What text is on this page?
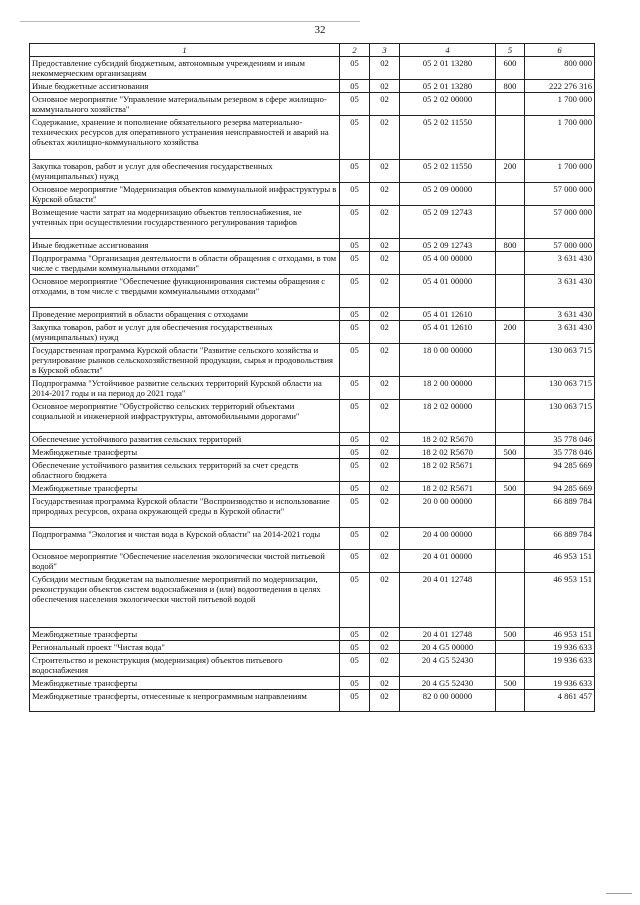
32
1	2	3	4	5	6
Предоставление субсидий бюджетным, автономным учреждениям и иным некоммерческим организациям	05	02	05 2 01 13280	600	800 000
Иные бюджетные ассигнования	05	02	05 2 01 13280	800	222 276 316
Основное мероприятие "Управление материальным резервом в сфере жилищно-коммунального хозяйства"	05	02	05 2 02 00000		1 700 000
Содержание, хранение и пополнение обязательного резерва материально-технических ресурсов для оперативного устранения неисправностей и аварий на объектах жилищно-коммунального хозяйства	05	02	05 2 02 11550		1 700 000
Закупка товаров, работ и услуг для обеспечения государственных (муниципальных) нужд	05	02	05 2 02 11550	200	1 700 000
Основное мероприятие "Модернизация объектов коммунальной инфраструктуры в Курской области"	05	02	05 2 09 00000		57 000 000
Возмещение части затрат на модернизацию объектов теплоснабжения, не учтенных при осуществлении государственного регулирования тарифов	05	02	05 2 09 12743		57 000 000
Иные бюджетные ассигнования	05	02	05 2 09 12743	800	57 000 000
Подпрограмма "Организация деятельности в области обращения с отходами, в том числе с твердыми коммунальными отходами"	05	02	05 4 00 00000		3 631 430
Основное мероприятие "Обеспечение функционирования системы обращения с отходами, в том числе с твердыми коммунальными отходами"	05	02	05 4 01 00000		3 631 430
Проведение мероприятий в области обращения с отходами	05	02	05 4 01 12610		3 631 430
Закупка товаров, работ и услуг для обеспечения государственных (муниципальных) нужд	05	02	05 4 01 12610	200	3 631 430
Государственная программа Курской области "Развитие сельского хозяйства и регулирование рынков сельскохозяйственной продукции, сырья и продовольствия в Курской области"	05	02	18 0 00 00000		130 063 715
Подпрограмма "Устойчивое развитие сельских территорий Курской области на 2014-2017 годы и на период до 2021 года"	05	02	18 2 00 00000		130 063 715
Основное мероприятие "Обустройство сельских территорий объектами социальной и инженерной инфраструктуры, автомобильными дорогами"	05	02	18 2 02 00000		130 063 715
Обеспечение устойчивого развития сельских территорий	05	02	18 2 02 R5670		35 778 046
Межбюджетные трансферты	05	02	18 2 02 R5670	500	35 778 046
Обеспечение устойчивого развития сельских территорий за счет средств областного бюджета	05	02	18 2 02 R5671		94 285 669
Межбюджетные трансферты	05	02	18 2 02 R5671	500	94 285 669
Государственная программа Курской области "Воспроизводство и использование природных ресурсов, охрана окружающей среды в Курской области"	05	02	20 0 00 00000		66 889 784
Подпрограмма "Экология и чистая вода в Курской области" на 2014-2021 годы	05	02	20 4 00 00000		66 889 784
Основное мероприятие "Обеспечение населения экологически чистой питьевой водой"	05	02	20 4 01 00000		46 953 151
Субсидии местным бюджетам на выполнение мероприятий по модернизации, реконструкции объектов систем водоснабжения и (или) водоотведения в целях обеспечения населения экологически чистой питьевой водой	05	02	20 4 01 12748		46 953 151
Межбюджетные трансферты	05	02	20 4 01 12748	500	46 953 151
Региональный проект "Чистая вода"	05	02	20 4 G5 00000		19 936 633
Строительство и реконструкция (модернизация) объектов питьевого водоснабжения	05	02	20 4 G5 52430		19 936 633
Межбюджетные трансферты	05	02	20 4 G5 52430	500	19 936 633
Межбюджетные трансферты, отнесенные к непрограммным направлениям	05	02	82 0 00 00000		4 861 457
